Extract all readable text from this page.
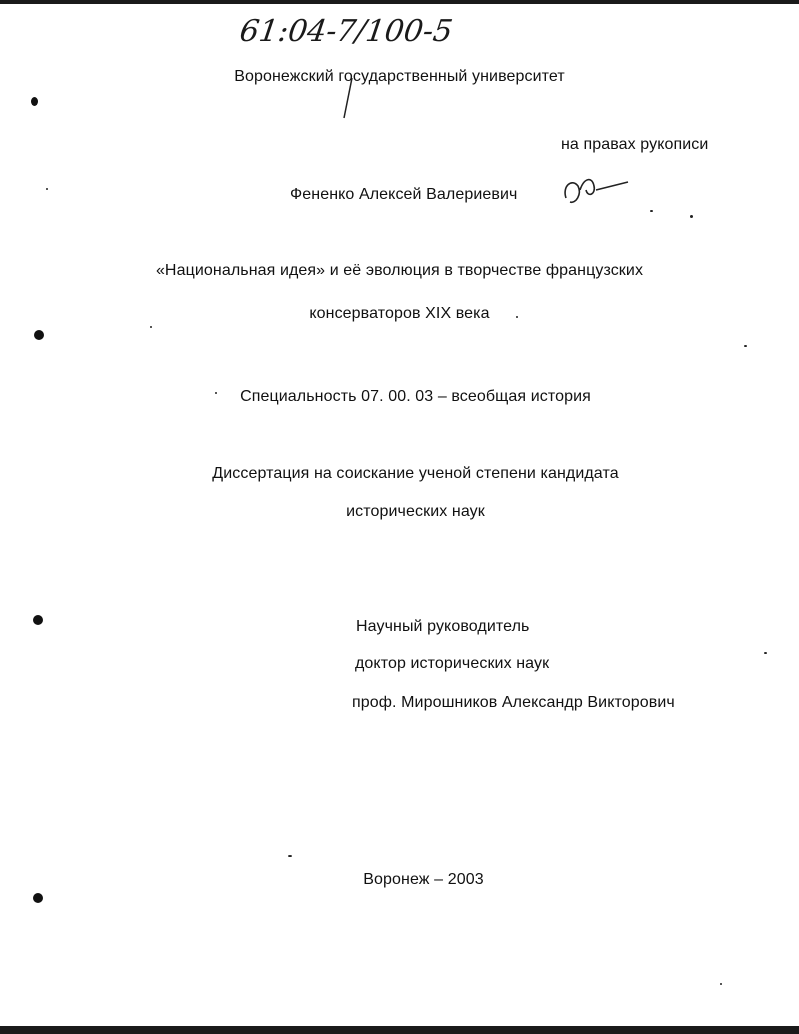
61:04-7/100-5
Воронежский государственный университет
на правах рукописи
Фененко Алексей Валериевич
«Национальная идея» и её эволюция в творчестве французских
консерваторов XIX века
Специальность 07. 00. 03 – всеобщая история
Диссертация на соискание ученой степени кандидата
исторических наук
Научный руководитель
доктор исторических наук
проф. Мирошников Александр Викторович
Воронеж – 2003
